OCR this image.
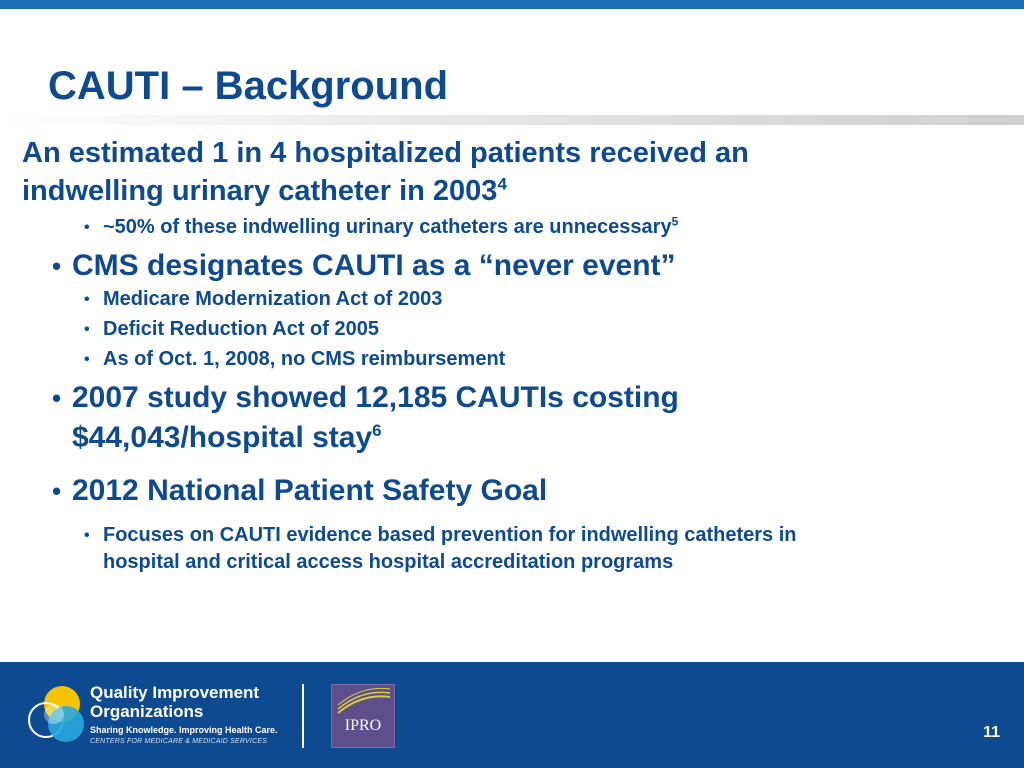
CAUTI – Background
An estimated 1 in 4 hospitalized patients received an
indwelling urinary catheter in 2003$^4$
• ~50% of these indwelling urinary catheters are unnecessary$^5$
• CMS designates CAUTI as a “never event”
• Medicare Modernization Act of 2003
• Deficit Reduction Act of 2005
• As of Oct. 1, 2008, no CMS reimbursement
• 2007 study showed 12,185 CAUTIs costing
$44,043/hospital stay$^6$
• 2012 National Patient Safety Goal
• Focuses on CAUTI evidence based prevention for indwelling catheters in
hospital and critical access hospital accreditation programs
Quality Improvement
Organizations
Sharing Knowledge. Improving Health Care.
CENTERS FOR MEDICARE & MEDICAID SERVICES
IPRO	11
